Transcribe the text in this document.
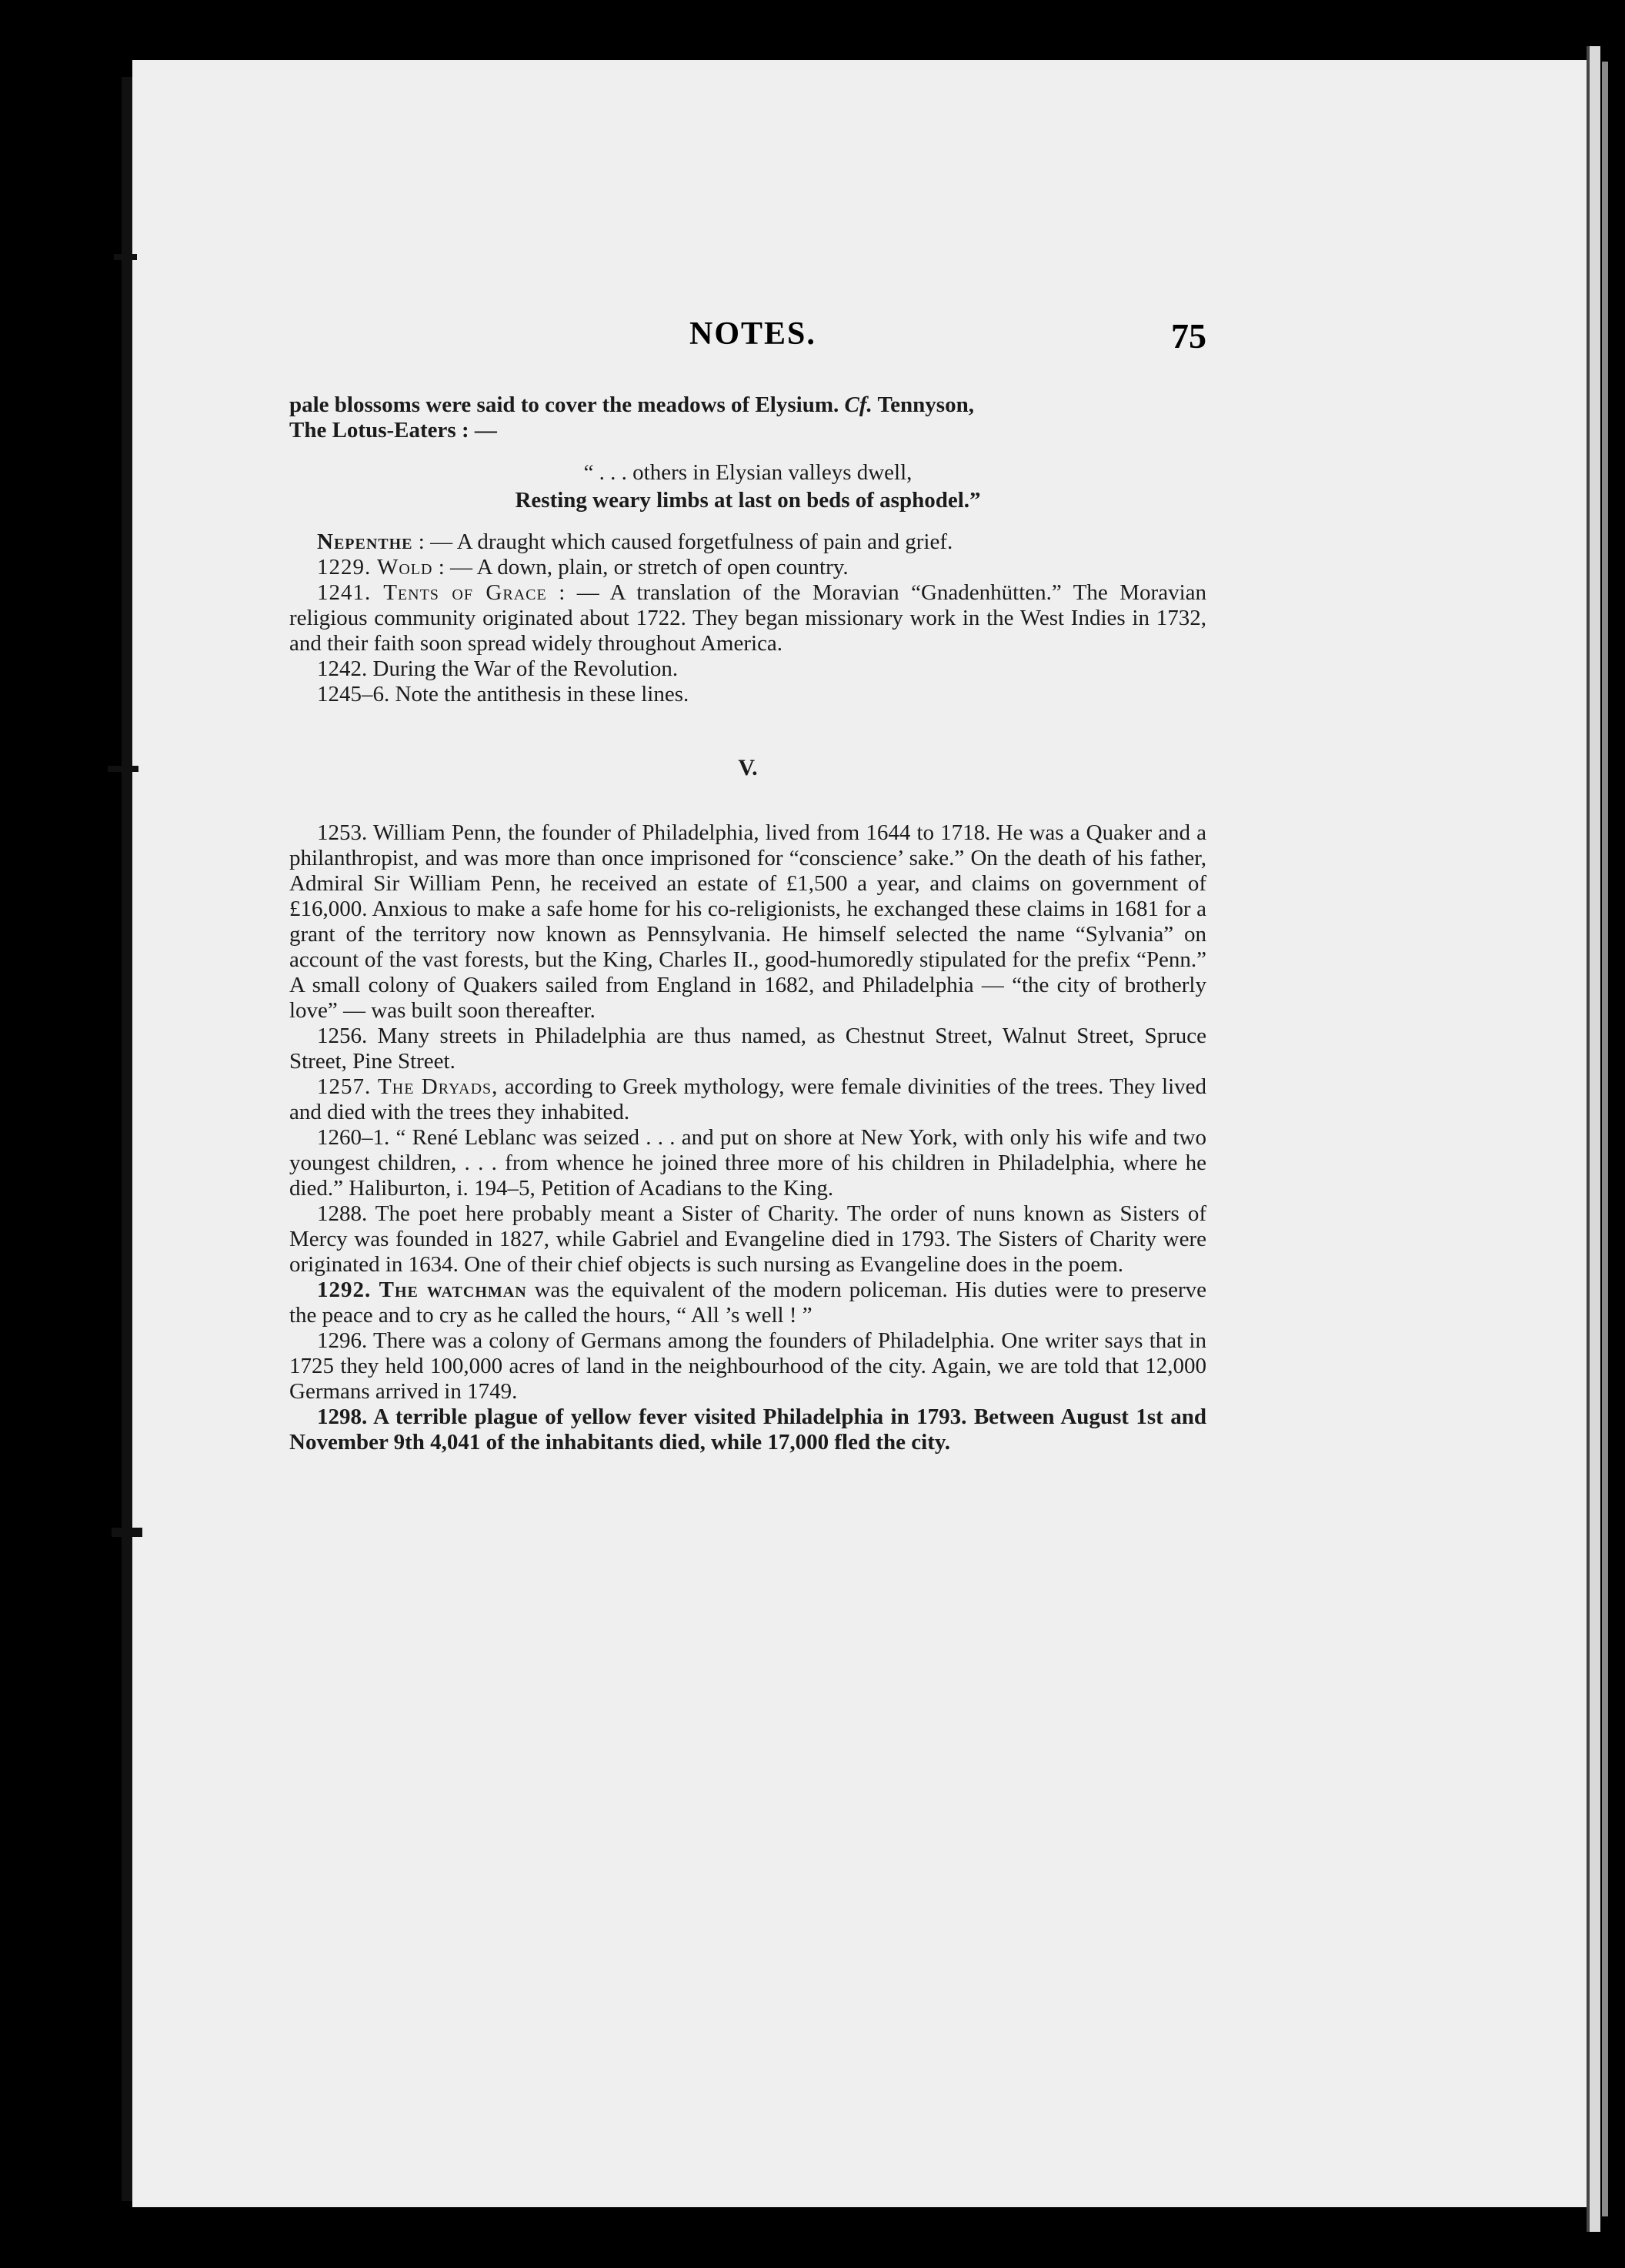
NOTES.	75

pale blossoms were said to cover the meadows of Elysium. Cf. Tennyson,
The Lotus-Eaters : —

“ . . . others in Elysian valleys dwell,
Resting weary limbs at last on beds of asphodel.”

Nepenthe : — A draught which caused forgetfulness of pain and grief.

1229. Wold : — A down, plain, or stretch of open country.

1241. Tents of Grace : — A translation of the Moravian “Gnadenhütten.” The Moravian religious community originated about 1722. They began missionary work in the West Indies in 1732, and their faith soon spread widely throughout America.

1242. During the War of the Revolution.

1245–6. Note the antithesis in these lines.

V.

1253. William Penn, the founder of Philadelphia, lived from 1644 to 1718. He was a Quaker and a philanthropist, and was more than once imprisoned for “conscience’ sake.” On the death of his father, Admiral Sir William Penn, he received an estate of £1,500 a year, and claims on government of £16,000. Anxious to make a safe home for his co-religionists, he exchanged these claims in 1681 for a grant of the territory now known as Pennsylvania. He himself selected the name “Sylvania” on account of the vast forests, but the King, Charles II., good-humoredly stipulated for the prefix “Penn.” A small colony of Quakers sailed from England in 1682, and Philadelphia — “the city of brotherly love” — was built soon thereafter.

1256. Many streets in Philadelphia are thus named, as Chestnut Street, Walnut Street, Spruce Street, Pine Street.

1257. The Dryads, according to Greek mythology, were female divinities of the trees. They lived and died with the trees they inhabited.

1260–1. “ René Leblanc was seized . . . and put on shore at New York, with only his wife and two youngest children, . . . from whence he joined three more of his children in Philadelphia, where he died.” Haliburton, i. 194–5, Petition of Acadians to the King.

1288. The poet here probably meant a Sister of Charity. The order of nuns known as Sisters of Mercy was founded in 1827, while Gabriel and Evangeline died in 1793. The Sisters of Charity were originated in 1634. One of their chief objects is such nursing as Evangeline does in the poem.

1292. The watchman was the equivalent of the modern policeman. His duties were to preserve the peace and to cry as he called the hours, “ All ’s well ! ”

1296. There was a colony of Germans among the founders of Philadelphia. One writer says that in 1725 they held 100,000 acres of land in the neighbourhood of the city. Again, we are told that 12,000 Germans arrived in 1749.

1298. A terrible plague of yellow fever visited Philadelphia in 1793. Between August 1st and November 9th 4,041 of the inhabitants died, while 17,000 fled the city.
